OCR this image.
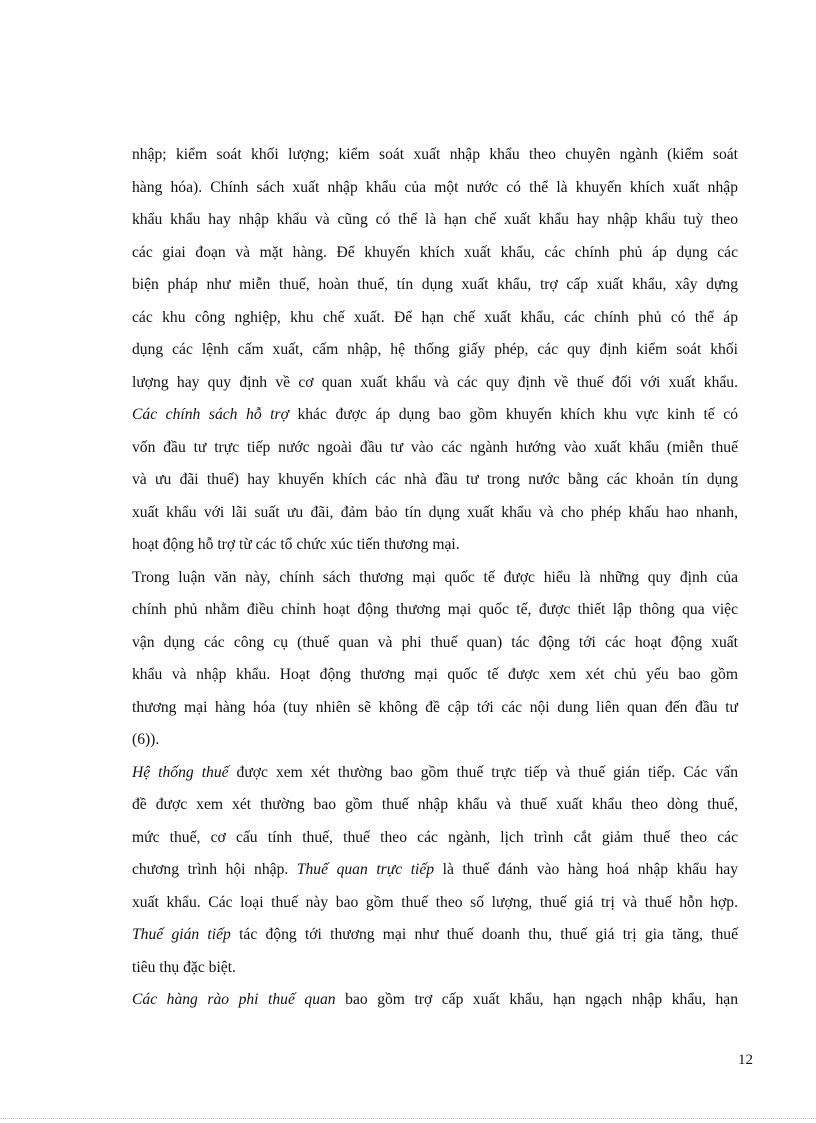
nhập; kiểm soát khối lượng; kiểm soát xuất nhập khẩu theo chuyên ngành (kiểm soát
hàng hóa). Chính sách xuất nhập khẩu của một nước có thể là khuyến khích xuất nhập
khẩu khẩu hay nhập khẩu và cũng có thể là hạn chế xuất khẩu hay nhập khẩu tuỳ theo
các giai đoạn và mặt hàng. Để khuyến khích xuất khẩu, các chính phủ áp dụng các
biện pháp như miễn thuế, hoàn thuế, tín dụng xuất khẩu, trợ cấp xuất khẩu, xây dựng
các khu công nghiệp, khu chế xuất. Để hạn chế xuất khẩu, các chính phủ có thể áp
dụng các lệnh cấm xuất, cấm nhập, hệ thống giấy phép, các quy định kiểm soát khối
lượng hay quy định về cơ quan xuất khẩu và các quy định về thuế đối với xuất khẩu.
Các chính sách hỗ trợ khác được áp dụng bao gồm khuyến khích khu vực kinh tế có
vốn đầu tư trực tiếp nước ngoài đầu tư vào các ngành hướng vào xuất khẩu (miễn thuế
và ưu đãi thuế) hay khuyến khích các nhà đầu tư trong nước bằng các khoản tín dụng
xuất khẩu với lãi suất ưu đãi, đảm bảo tín dụng xuất khẩu và cho phép khấu hao nhanh,
hoạt động hỗ trợ từ các tổ chức xúc tiến thương mại.
Trong luận văn này, chính sách thương mại quốc tế được hiểu là những quy định của
chính phủ nhằm điều chỉnh hoạt động thương mại quốc tế, được thiết lập thông qua việc
vận dụng các công cụ (thuế quan và phi thuế quan) tác động tới các hoạt động xuất
khẩu và nhập khẩu. Hoạt động thương mại quốc tế được xem xét chủ yếu bao gồm
thương mại hàng hóa (tuy nhiên sẽ không đề cập tới các nội dung liên quan đến đầu tư
(6)).
Hệ thống thuế được xem xét thường bao gồm thuế trực tiếp và thuế gián tiếp. Các vấn
đề được xem xét thường bao gồm thuế nhập khẩu và thuế xuất khẩu theo dòng thuế,
mức thuế, cơ cấu tính thuế, thuế theo các ngành, lịch trình cắt giảm thuế theo các
chương trình hội nhập. Thuế quan trực tiếp là thuế đánh vào hàng hoá nhập khẩu hay
xuất khẩu. Các loại thuế này bao gồm thuế theo số lượng, thuế giá trị và thuế hỗn hợp.
Thuế gián tiếp tác động tới thương mại như thuế doanh thu, thuế giá trị gia tăng, thuế
tiêu thụ đặc biệt.
Các hàng rào phi thuế quan bao gồm trợ cấp xuất khẩu, hạn ngạch nhập khẩu, hạn
12
